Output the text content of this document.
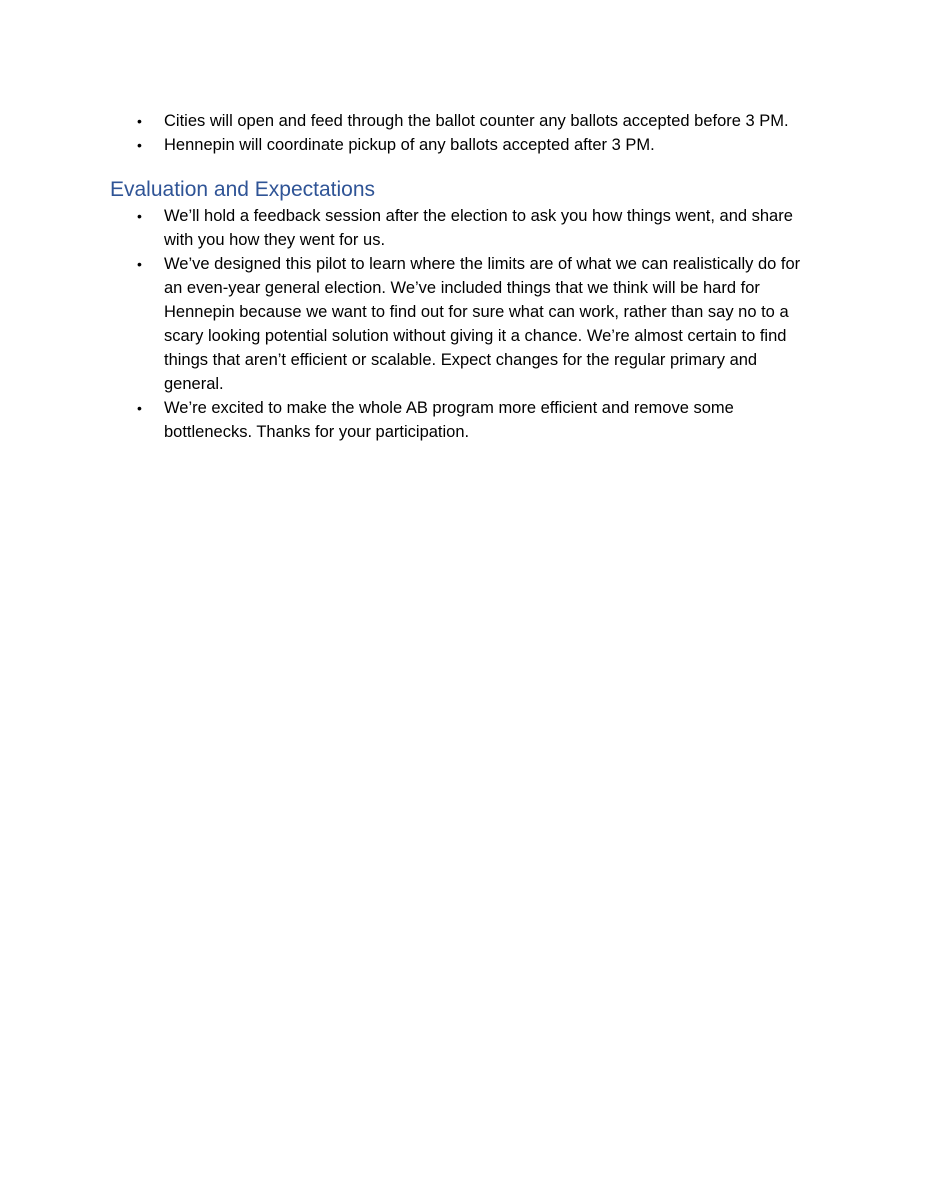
•	Cities will open and feed through the ballot counter any ballots accepted before 3 PM.
•	Hennepin will coordinate pickup of any ballots accepted after 3 PM.
Evaluation and Expectations
•	We’ll hold a feedback session after the election to ask you how things went, and share with you how they went for us.
•	We’ve designed this pilot to learn where the limits are of what we can realistically do for an even-year general election. We’ve included things that we think will be hard for Hennepin because we want to find out for sure what can work, rather than say no to a scary looking potential solution without giving it a chance. We’re almost certain to find things that aren’t efficient or scalable. Expect changes for the regular primary and general.
•	We’re excited to make the whole AB program more efficient and remove some bottlenecks. Thanks for your participation.
